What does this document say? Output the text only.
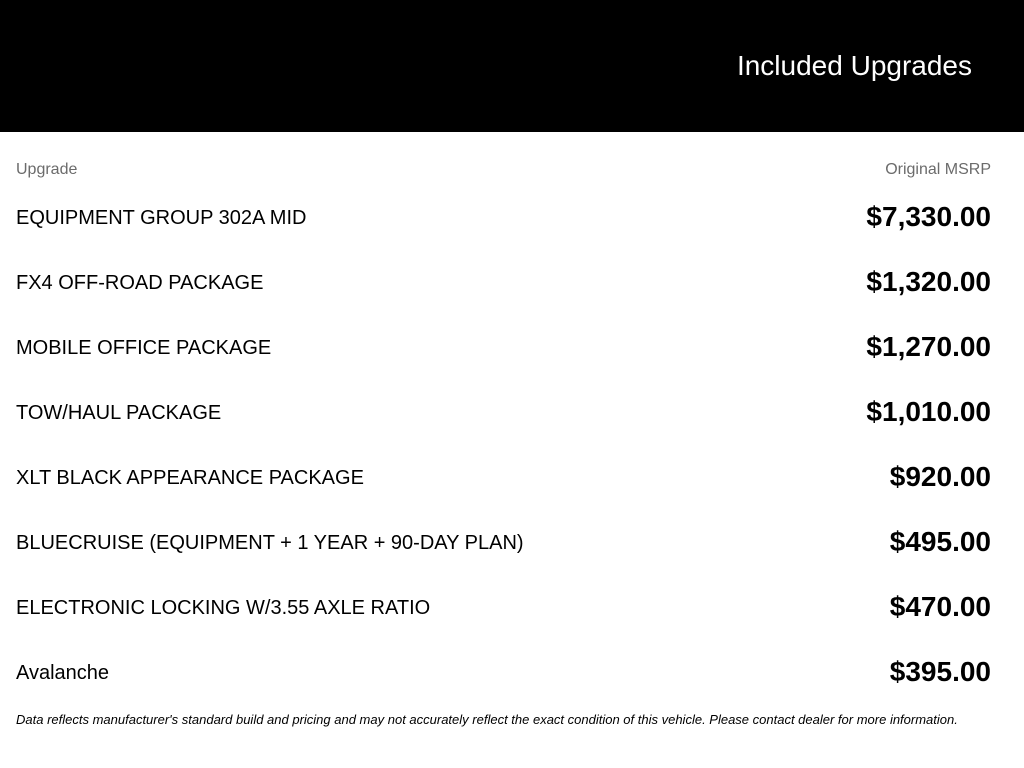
Included Upgrades
Upgrade	Original MSRP
EQUIPMENT GROUP 302A MID	$7,330.00
FX4 OFF-ROAD PACKAGE	$1,320.00
MOBILE OFFICE PACKAGE	$1,270.00
TOW/HAUL PACKAGE	$1,010.00
XLT BLACK APPEARANCE PACKAGE	$920.00
BLUECRUISE (EQUIPMENT + 1 YEAR + 90-DAY PLAN)	$495.00
ELECTRONIC LOCKING W/3.55 AXLE RATIO	$470.00
Avalanche	$395.00
Data reflects manufacturer's standard build and pricing and may not accurately reflect the exact condition of this vehicle. Please contact dealer for more information.
